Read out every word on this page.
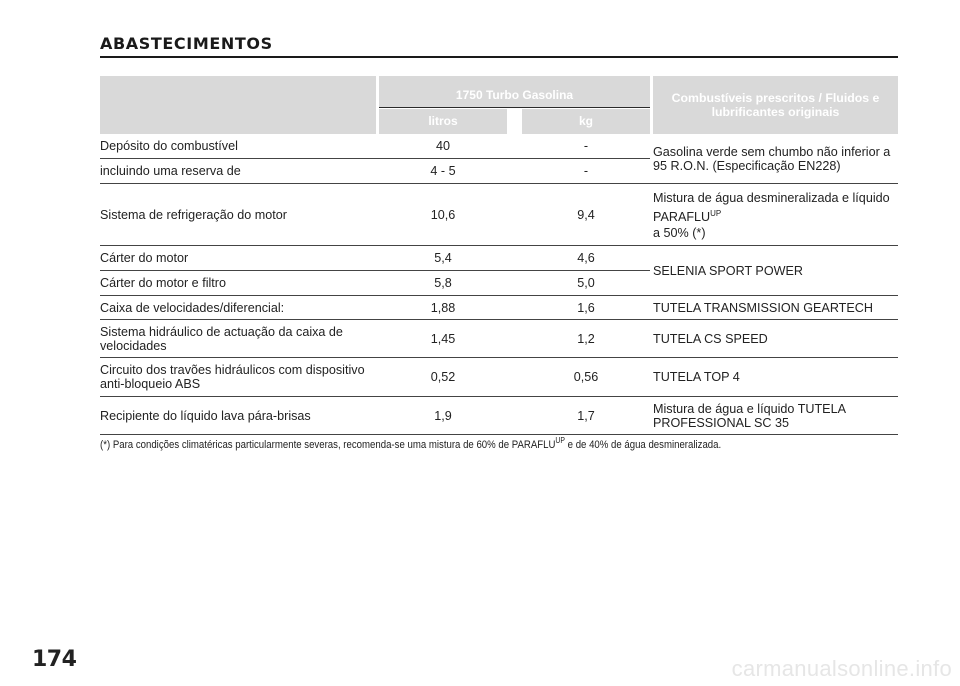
174
ABASTECIMENTOS
1750 Turbo Gasolina
litros	kg
Combustíveis prescritos / Fluidos e lubrificantes originais
Depósito do combustível	40	-
incluindo uma reserva de	4 - 5	-
Gasolina verde sem chumbo não inferior a 95 R.O.N. (Especificação EN228)
Sistema de refrigeração do motor	10,6	9,4
Mistura de água desmineralizada e líquido
$PARAFLU^{UP}$
a 50% (*)
Cárter do motor	5,4	4,6
Cárter do motor e filtro	5,8	5,0
SELENIA SPORT POWER
Caixa de velocidades/diferencial:	1,88	1,6	TUTELA TRANSMISSION GEARTECH
Sistema hidráulico de actuação da caixa de velocidades	1,45	1,2	TUTELA CS SPEED
Circuito dos travões hidráulicos com dispositivo anti-bloqueio ABS	0,52	0,56	TUTELA TOP 4
Recipiente do líquido lava pára-brisas	1,9	1,7	Mistura de água e líquido TUTELA PROFESSIONAL SC 35
(*) Para condições climatéricas particularmente severas, recomenda-se uma mistura de 60% de $PARAFLU^{UP}$ e de 40% de água desmineralizada.
carmanualsonline.info
